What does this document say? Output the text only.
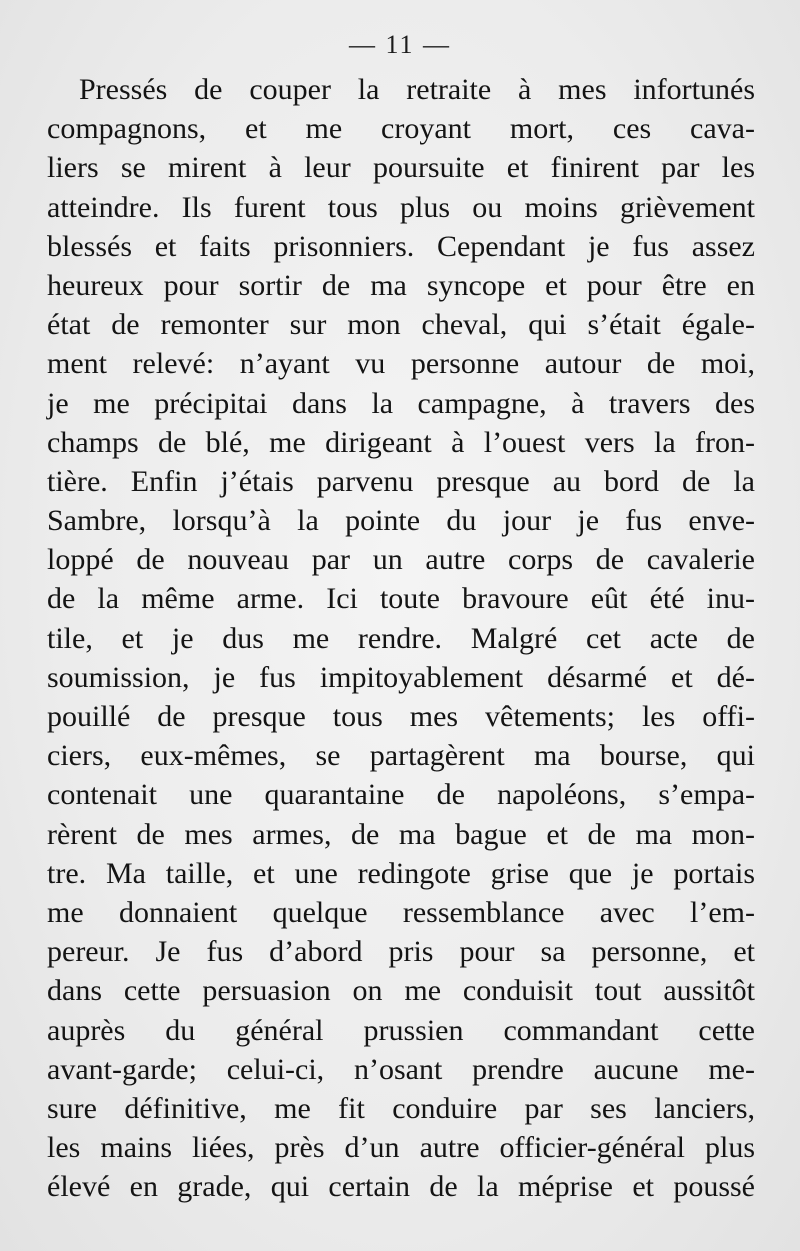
— 11 —
Pressés de couper la retraite à mes infortunés
compagnons, et me croyant mort, ces cava-
liers se mirent à leur poursuite et finirent par les
atteindre. Ils furent tous plus ou moins grièvement
blessés et faits prisonniers. Cependant je fus assez
heureux pour sortir de ma syncope et pour être en
état de remonter sur mon cheval, qui s’était égale-
ment relevé: n’ayant vu personne autour de moi,
je me précipitai dans la campagne, à travers des
champs de blé, me dirigeant à l’ouest vers la fron-
tière. Enfin j’étais parvenu presque au bord de la
Sambre, lorsqu’à la pointe du jour je fus enve-
loppé de nouveau par un autre corps de cavalerie
de la même arme. Ici toute bravoure eût été inu-
tile, et je dus me rendre. Malgré cet acte de
soumission, je fus impitoyablement désarmé et dé-
pouillé de presque tous mes vêtements; les offi-
ciers, eux-mêmes, se partagèrent ma bourse, qui
contenait une quarantaine de napoléons, s’empa-
rèrent de mes armes, de ma bague et de ma mon-
tre. Ma taille, et une redingote grise que je portais
me donnaient quelque ressemblance avec l’em-
pereur. Je fus d’abord pris pour sa personne, et
dans cette persuasion on me conduisit tout aussitôt
auprès du général prussien commandant cette
avant-garde; celui-ci, n’osant prendre aucune me-
sure définitive, me fit conduire par ses lanciers,
les mains liées, près d’un autre officier-général plus
élevé en grade, qui certain de la méprise et poussé
